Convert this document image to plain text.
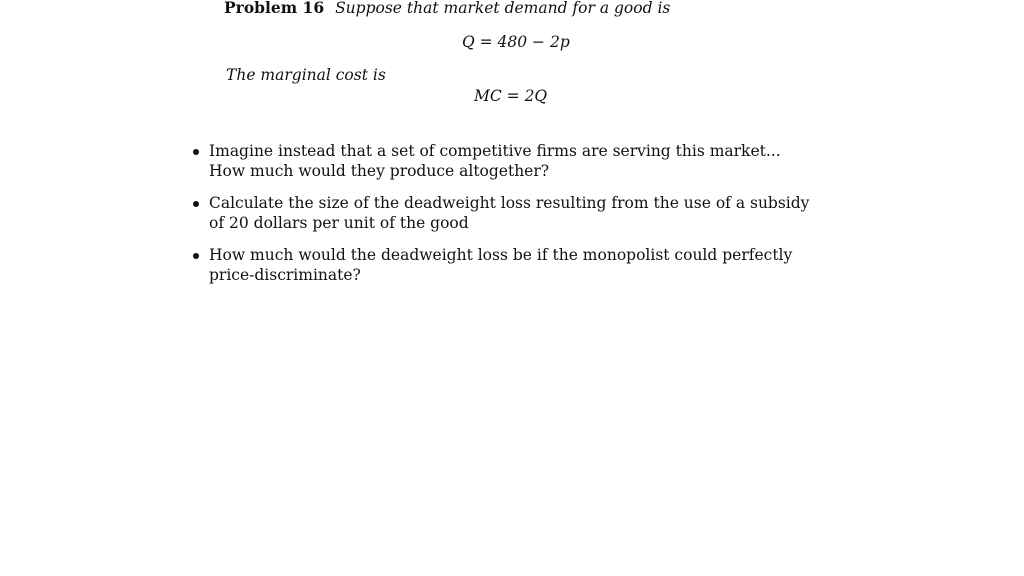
Problem 16 Suppose that market demand for a good is
Q = 480 − 2p
The marginal cost is
MC = 2Q
Imagine instead that a set of competitive firms are serving this market...
How much would they produce altogether?
Calculate the size of the deadweight loss resulting from the use of a subsidy
of 20 dollars per unit of the good
How much would the deadweight loss be if the monopolist could perfectly
price-discriminate?
